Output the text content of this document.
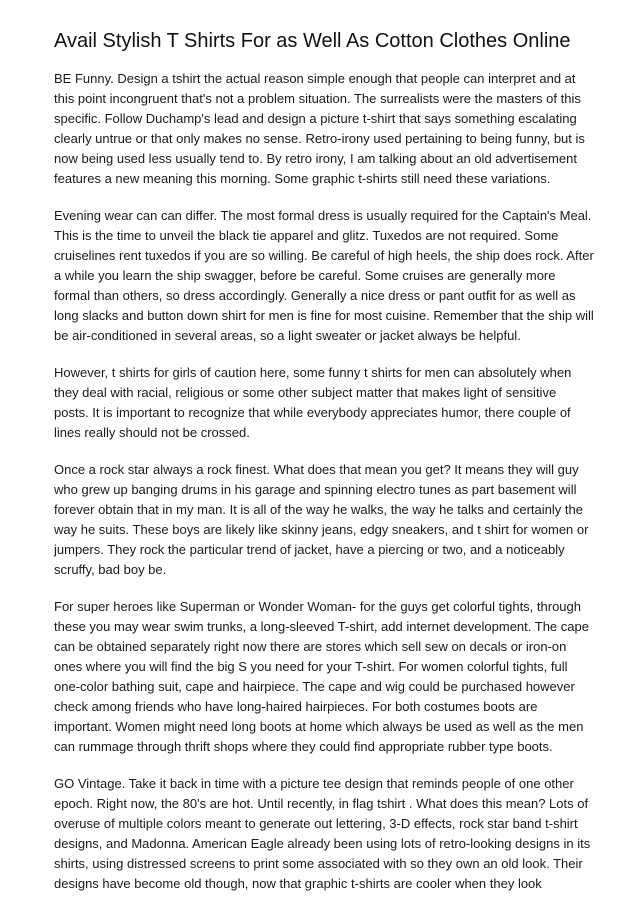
Avail Stylish T Shirts For as Well As Cotton Clothes Online

BE Funny. Design a tshirt the actual reason simple enough that people can interpret and at this point incongruent that's not a problem situation. The surrealists were the masters of this specific. Follow Duchamp's lead and design a picture t-shirt that says something escalating clearly untrue or that only makes no sense. Retro-irony used pertaining to being funny, but is now being used less usually tend to. By retro irony, I am talking about an old advertisement features a new meaning this morning. Some graphic t-shirts still need these variations.

Evening wear can can differ. The most formal dress is usually required for the Captain's Meal. This is the time to unveil the black tie apparel and glitz. Tuxedos are not required. Some cruiselines rent tuxedos if you are so willing. Be careful of high heels, the ship does rock. After a while you learn the ship swagger, before be careful. Some cruises are generally more formal than others, so dress accordingly. Generally a nice dress or pant outfit for as well as long slacks and button down shirt for men is fine for most cuisine. Remember that the ship will be air-conditioned in several areas, so a light sweater or jacket always be helpful.

However, t shirts for girls of caution here, some funny t shirts for men can absolutely when they deal with racial, religious or some other subject matter that makes light of sensitive posts. It is important to recognize that while everybody appreciates humor, there couple of lines really should not be crossed.

Once a rock star always a rock finest. What does that mean you get? It means they will guy who grew up banging drums in his garage and spinning electro tunes as part basement will forever obtain that in my man. It is all of the way he walks, the way he talks and certainly the way he suits. These boys are likely like skinny jeans, edgy sneakers, and t shirt for women or jumpers. They rock the particular trend of jacket, have a piercing or two, and a noticeably scruffy, bad boy be.

For super heroes like Superman or Wonder Woman- for the guys get colorful tights, through these you may wear swim trunks, a long-sleeved T-shirt, add internet development. The cape can be obtained separately right now there are stores which sell sew on decals or iron-on ones where you will find the big S you need for your T-shirt. For women colorful tights, full one-color bathing suit, cape and hairpiece. The cape and wig could be purchased however check among friends who have long-haired hairpieces. For both costumes boots are important. Women might need long boots at home which always be used as well as the men can rummage through thrift shops where they could find appropriate rubber type boots.

GO Vintage. Take it back in time with a picture tee design that reminds people of one other epoch. Right now, the 80's are hot. Until recently, in flag tshirt . What does this mean? Lots of overuse of multiple colors meant to generate out lettering, 3-D effects, rock star band t-shirt designs, and Madonna. American Eagle already been using lots of retro-looking designs in its shirts, using distressed screens to print some associated with so they own an old look. Their designs have become old though, now that graphic t-shirts are cooler when they look
